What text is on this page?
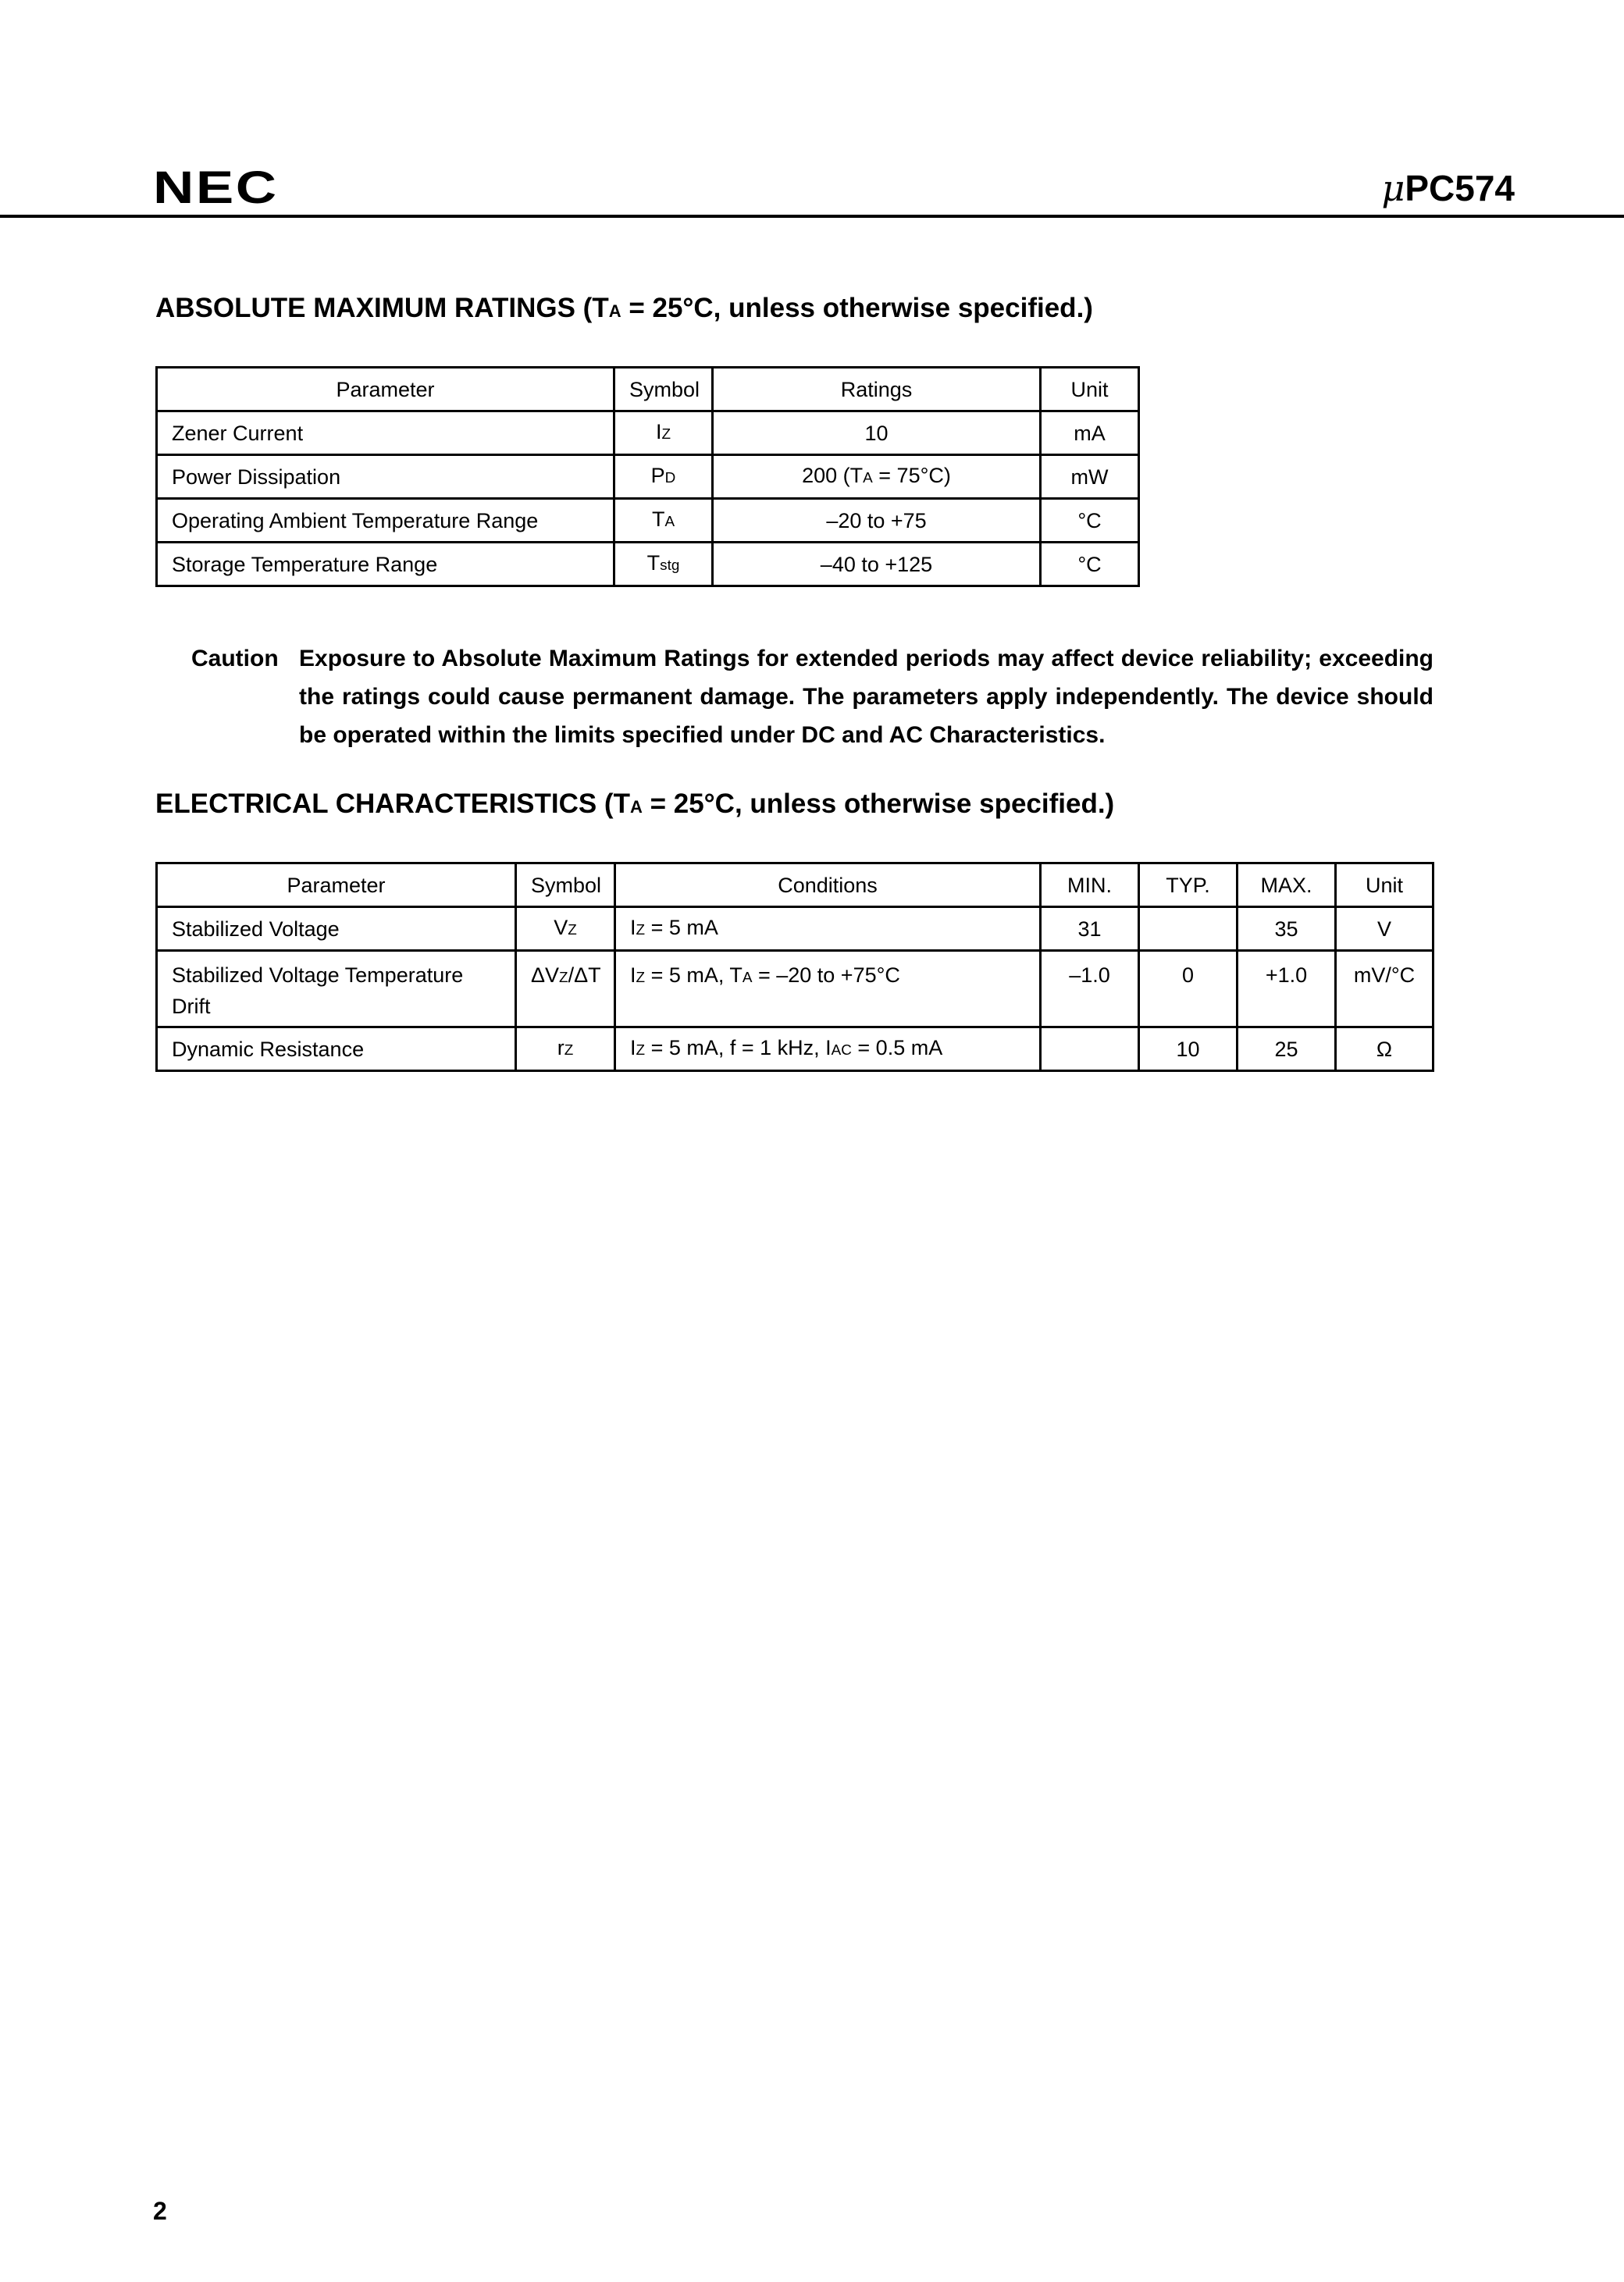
NEC	μPC574
ABSOLUTE MAXIMUM RATINGS (TA = 25°C, unless otherwise specified.)
Parameter	Symbol	Ratings	Unit
Zener Current	IZ	10	mA
Power Dissipation	PD	200 (TA = 75°C)	mW
Operating Ambient Temperature Range	TA	–20 to +75	°C
Storage Temperature Range	Tstg	–40 to +125	°C
Caution Exposure to Absolute Maximum Ratings for extended periods may affect device reliability; exceeding the ratings could cause permanent damage. The parameters apply independently. The device should be operated within the limits specified under DC and AC Characteristics.
ELECTRICAL CHARACTERISTICS (TA = 25°C, unless otherwise specified.)
Parameter	Symbol	Conditions	MIN.	TYP.	MAX.	Unit
Stabilized Voltage	VZ	IZ = 5 mA	31		35	V
Stabilized Voltage Temperature Drift	ΔVZ/ΔT	IZ = 5 mA, TA = –20 to +75°C	–1.0	0	+1.0	mV/°C
Dynamic Resistance	rZ	IZ = 5 mA, f = 1 kHz, IAC = 0.5 mA		10	25	Ω
2
